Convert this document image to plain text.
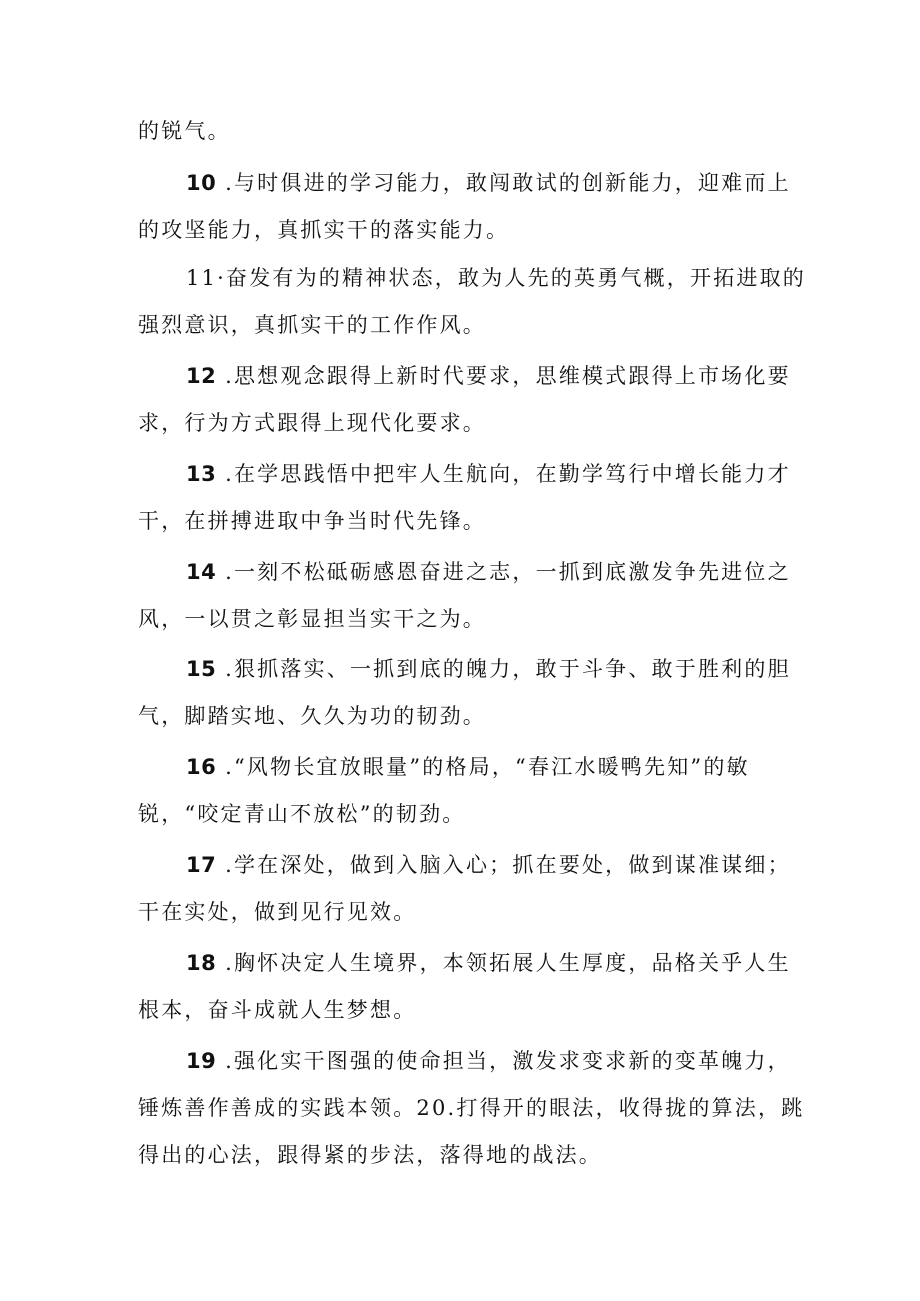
的锐气。

10 .与时俱进的学习能力，敢闯敢试的创新能力，迎难而上
的攻坚能力，真抓实干的落实能力。

11·奋发有为的精神状态，敢为人先的英勇气概，开拓进取的
强烈意识，真抓实干的工作作风。

12 .思想观念跟得上新时代要求，思维模式跟得上市场化要
求，行为方式跟得上现代化要求。

13 .在学思践悟中把牢人生航向，在勤学笃行中增长能力才
干，在拼搏进取中争当时代先锋。

14 .一刻不松砥砺感恩奋进之志，一抓到底激发争先进位之
风，一以贯之彰显担当实干之为。

15 .狠抓落实、一抓到底的魄力，敢于斗争、敢于胜利的胆
气，脚踏实地、久久为功的韧劲。

16 .“风物长宜放眼量”的格局，“春江水暖鸭先知”的敏
锐，“咬定青山不放松”的韧劲。

17 .学在深处，做到入脑入心；抓在要处，做到谋准谋细；
干在实处，做到见行见效。

18 .胸怀决定人生境界，本领拓展人生厚度，品格关乎人生
根本，奋斗成就人生梦想。

19 .强化实干图强的使命担当，激发求变求新的变革魄力，
锤炼善作善成的实践本领。20.打得开的眼法，收得拢的算法，跳
得出的心法，跟得紧的步法，落得地的战法。
